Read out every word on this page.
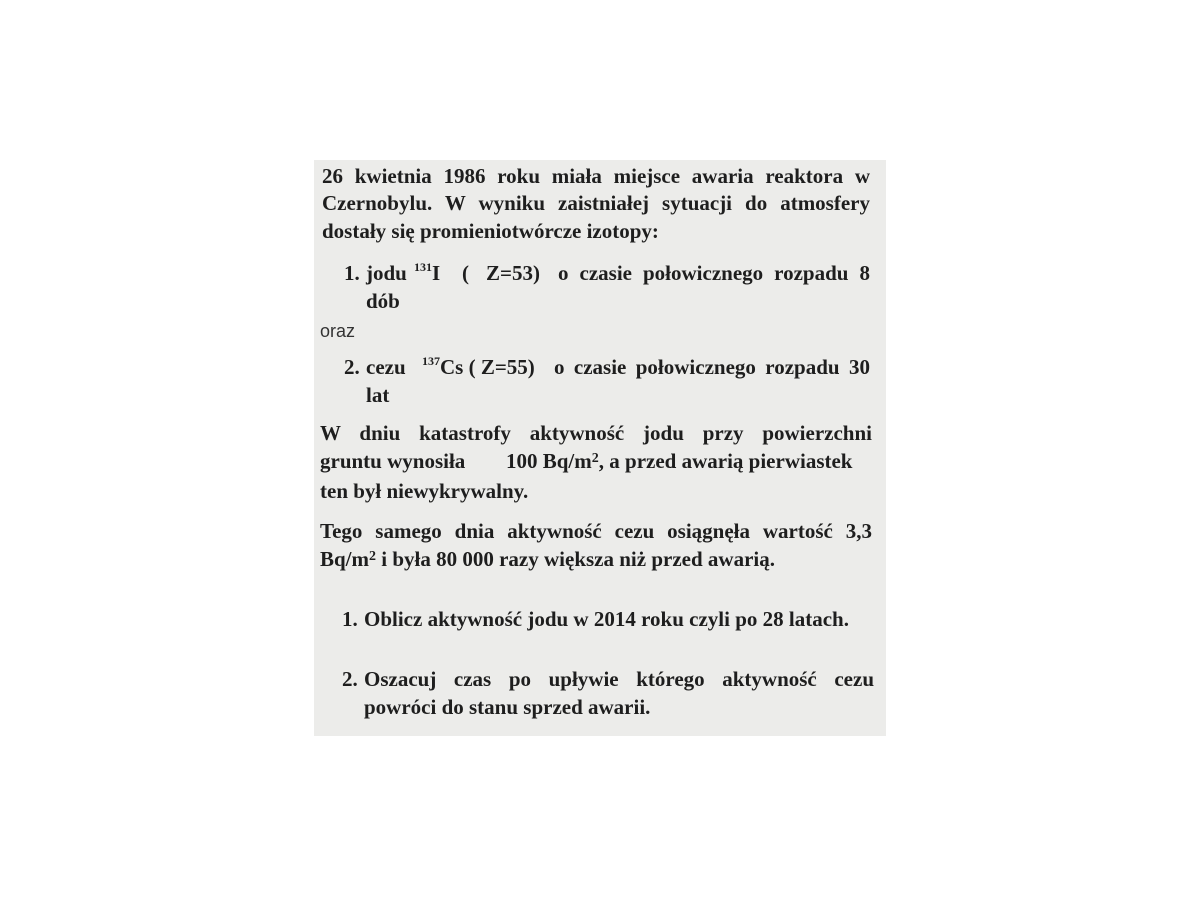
26 kwietnia 1986 roku miała miejsce awaria reaktora w
Czernobylu. W wyniku zaistniałej sytuacji do atmosfery
dostały się promieniotwórcze izotopy:
1. jodu $^{131}$I ( Z=53) o czasie połowicznego rozpadu 8
dób
oraz
2. cezu $^{137}$Cs ( Z=55) o czasie połowicznego rozpadu 30
lat
W dniu katastrofy aktywność jodu przy powierzchni
gruntu wynosiła 100 $Bq/m^2$, a przed awarią pierwiastek
ten był niewykrywalny.
Tego samego dnia aktywność cezu osiągnęła wartość 3,3
$Bq/m^2$ i była 80 000 razy większa niż przed awarią.
1. Oblicz aktywność jodu w 2014 roku czyli po 28 latach.
2. Oszacuj czas po upływie którego aktywność cezu
powróci do stanu sprzed awarii.
